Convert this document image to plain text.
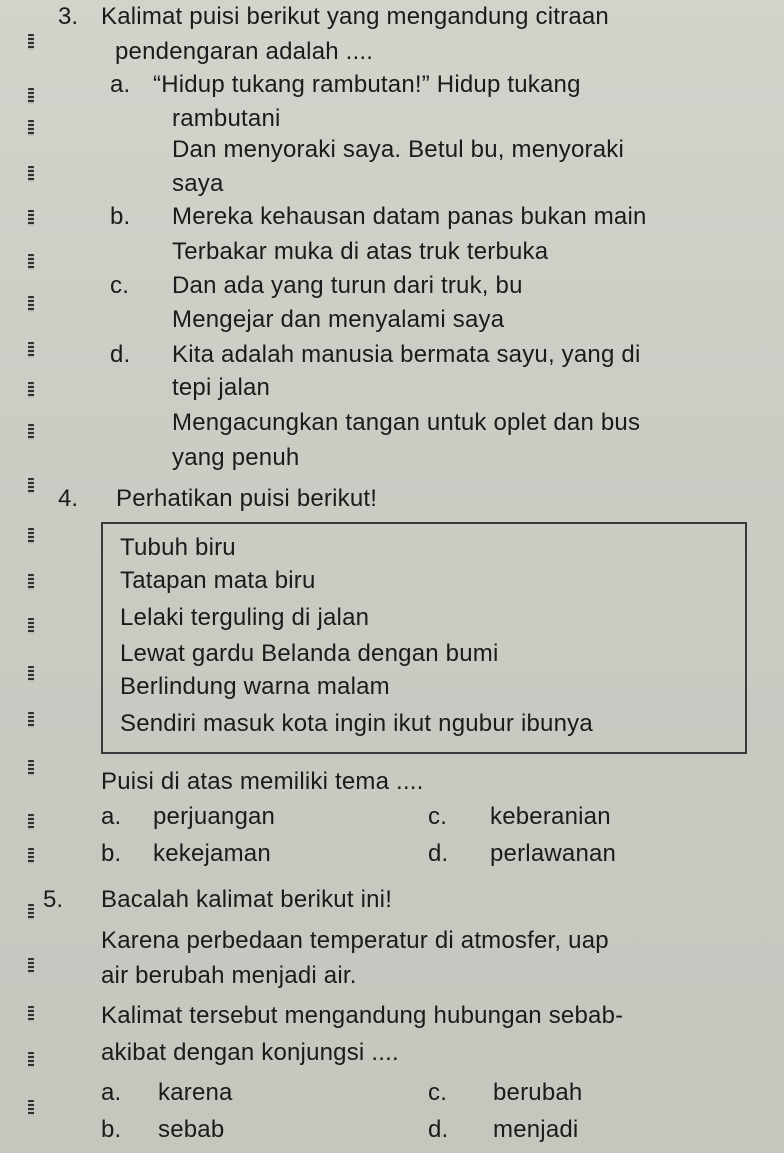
3. Kalimat puisi berikut yang mengandung citraan
pendengaran adalah ....
a. “Hidup tukang rambutan!” Hidup tukang
rambutani
Dan menyoraki saya. Betul bu, menyoraki
saya
b. Mereka kehausan datam panas bukan main
Terbakar muka di atas truk terbuka
c. Dan ada yang turun dari truk, bu
Mengejar dan menyalami saya
d. Kita adalah manusia bermata sayu, yang di
tepi jalan
Mengacungkan tangan untuk oplet dan bus
yang penuh
4. Perhatikan puisi berikut!
Tubuh biru
Tatapan mata biru
Lelaki terguling di jalan
Lewat gardu Belanda dengan bumi
Berlindung warna malam
Sendiri masuk kota ingin ikut ngubur ibunya
Puisi di atas memiliki tema ....
a. perjuangan	c. keberanian
b. kekejaman	d. perlawanan
5. Bacalah kalimat berikut ini!
Karena perbedaan temperatur di atmosfer, uap
air berubah menjadi air.
Kalimat tersebut mengandung hubungan sebab-
akibat dengan konjungsi ....
a. karena	c. berubah
b. sebab	d. menjadi
